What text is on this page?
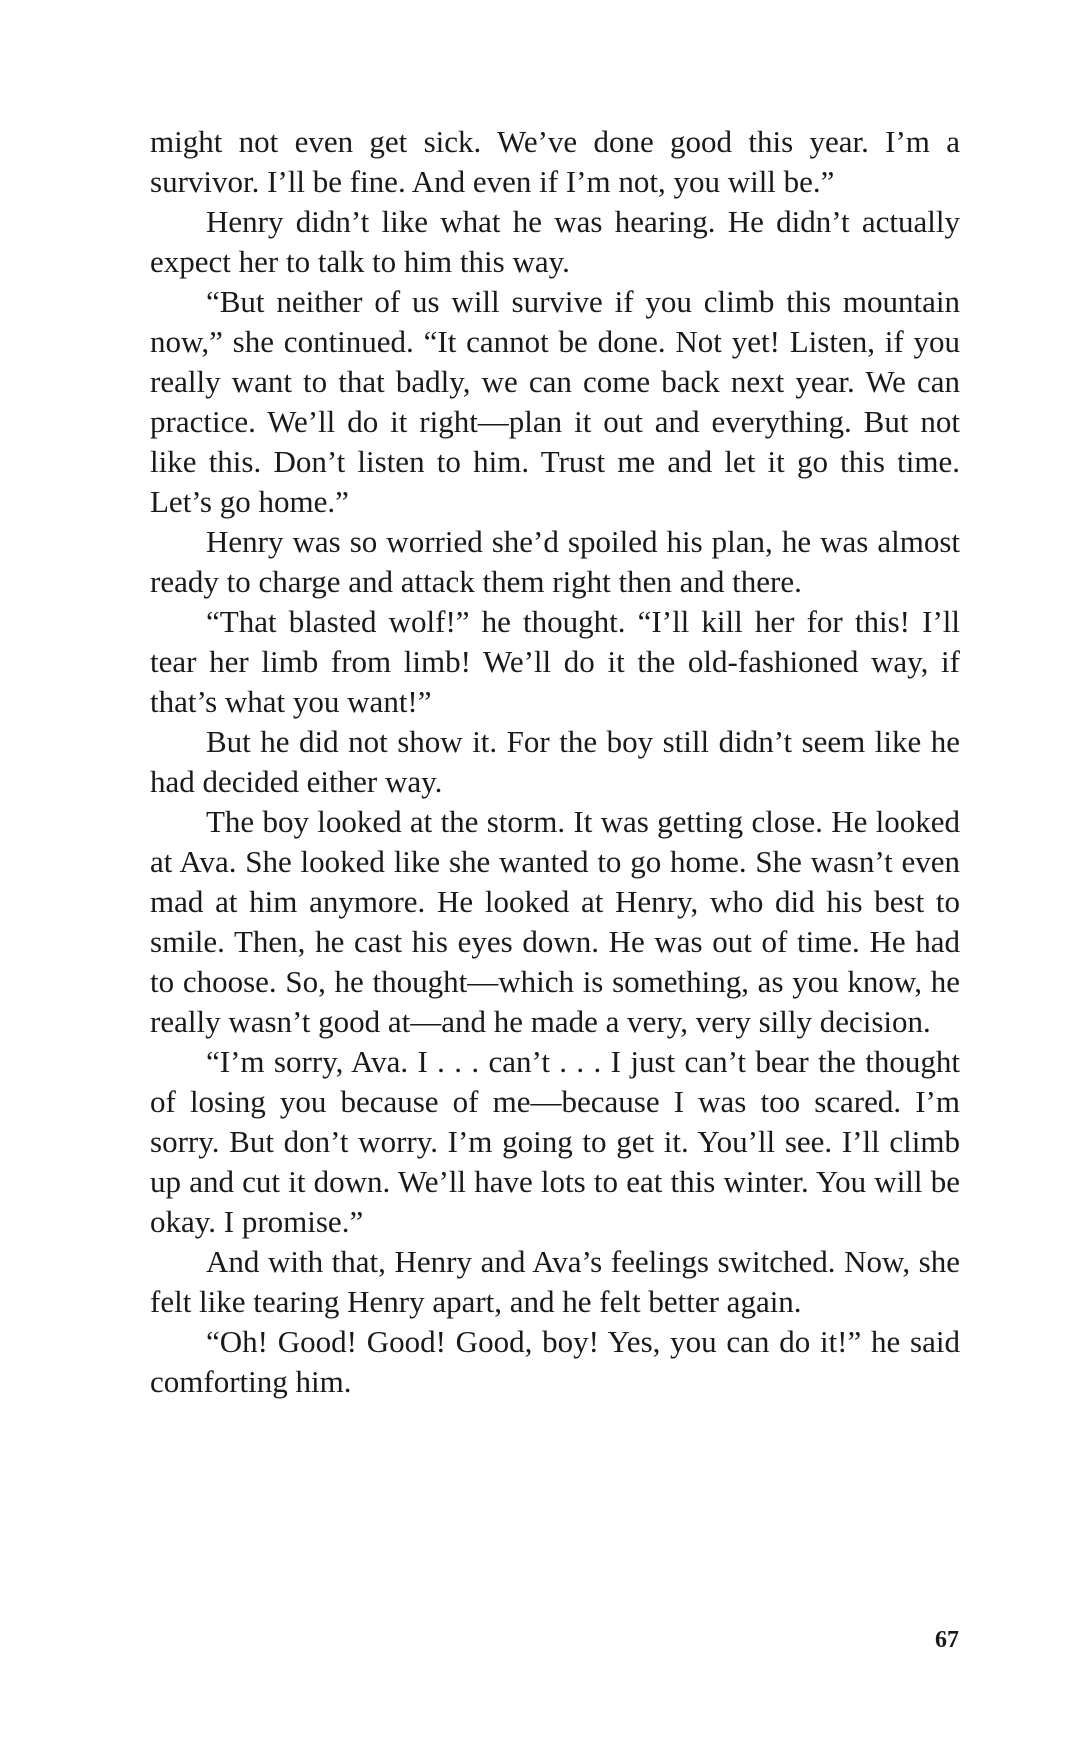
might not even get sick. We’ve done good this year. I’m a survivor. I’ll be fine. And even if I’m not, you will be.”

Henry didn’t like what he was hearing. He didn’t actually expect her to talk to him this way.

“But neither of us will survive if you climb this mountain now,” she continued. “It cannot be done. Not yet! Listen, if you really want to that badly, we can come back next year. We can practice. We’ll do it right—plan it out and everything. But not like this. Don’t listen to him. Trust me and let it go this time. Let’s go home.”

Henry was so worried she’d spoiled his plan, he was almost ready to charge and attack them right then and there.

“That blasted wolf!” he thought. “I’ll kill her for this! I’ll tear her limb from limb! We’ll do it the old-fashioned way, if that’s what you want!”

But he did not show it. For the boy still didn’t seem like he had decided either way.

The boy looked at the storm. It was getting close. He looked at Ava. She looked like she wanted to go home. She wasn’t even mad at him anymore. He looked at Henry, who did his best to smile. Then, he cast his eyes down. He was out of time. He had to choose. So, he thought—which is something, as you know, he really wasn’t good at—and he made a very, very silly decision.

“I’m sorry, Ava. I . . . can’t . . . I just can’t bear the thought of losing you because of me—because I was too scared. I’m sorry. But don’t worry. I’m going to get it. You’ll see. I’ll climb up and cut it down. We’ll have lots to eat this winter. You will be okay. I promise.”

And with that, Henry and Ava’s feelings switched. Now, she felt like tearing Henry apart, and he felt better again.

“Oh! Good! Good! Good, boy! Yes, you can do it!” he said comforting him.

67
